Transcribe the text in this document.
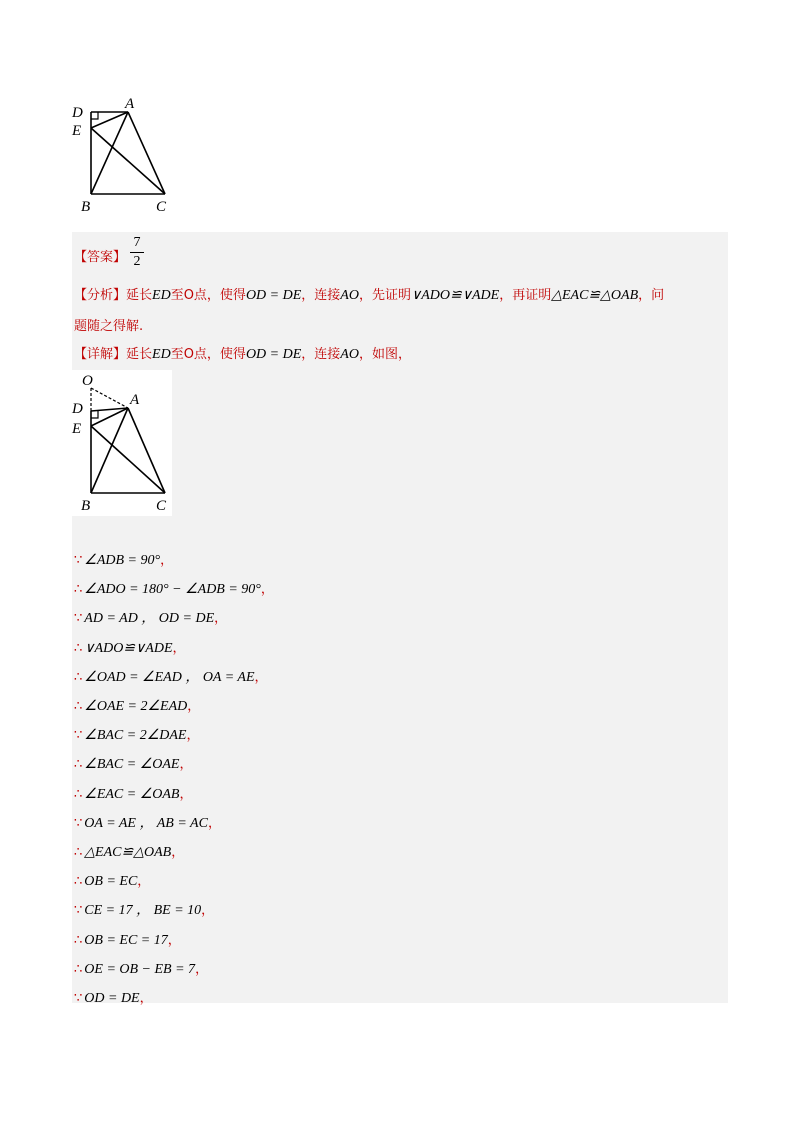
D
A
E
B	C
【答案】
7
2
【分析】延长ED至O点，使得OD = DE，连接AO，先证明∨ADO≌∨ADE，再证明△EAC≌△OAB，问
题随之得解.
【详解】延长ED至O点，使得OD = DE，连接AO，如图，
O
D
A
E
B	C
∵ ∠ADB = 90°，
∴ ∠ADO = 180° − ∠ADB = 90°，
∵ AD = AD ， OD = DE，
∴ ∨ADO≌∨ADE，
∴ ∠OAD = ∠EAD ， OA = AE，
∴ ∠OAE = 2∠EAD，
∵ ∠BAC = 2∠DAE，
∴ ∠BAC = ∠OAE，
∴ ∠EAC = ∠OAB，
∵ OA = AE ， AB = AC，
∴ △EAC≌△OAB，
∴ OB = EC，
∵ CE = 17 ， BE = 10，
∴ OB = EC = 17，
∴ OE = OB − EB = 7，
∵ OD = DE，
